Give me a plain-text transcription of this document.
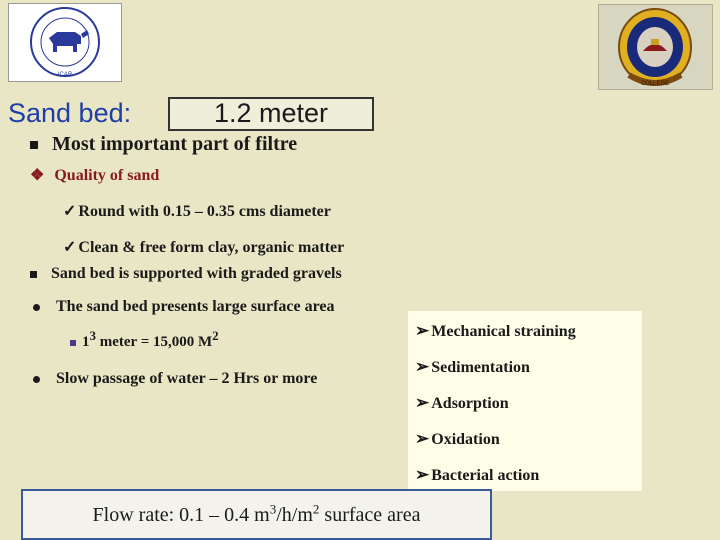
ICAR
COLLEGE
Sand bed:	1.2 meter
Most important part of filtre
❖ Quality of sand
✓ Round with 0.15 – 0.35 cms diameter
✓ Clean & free form clay, organic matter
Sand bed is supported with graded gravels
The sand bed presents large surface area
$1^3$ meter = 15,000 $M^2$
Slow passage of water – 2 Hrs or more
➢ Mechanical straining
➢ Sedimentation
➢ Adsorption
➢ Oxidation
➢ Bacterial action
Flow rate: 0.1 – 0.4 $m^3/h/m^2$ surface area
